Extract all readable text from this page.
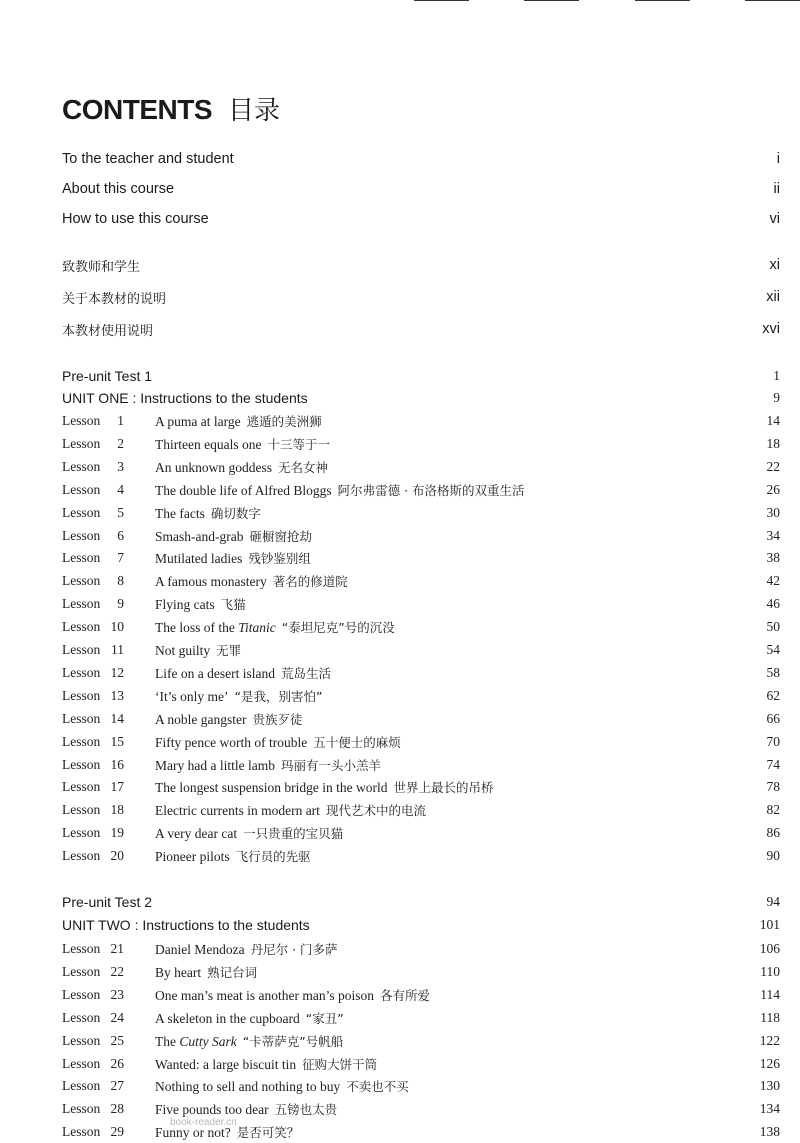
CONTENTS 目录
To the teacher and student	i
About this course	ii
How to use this course	vi
致教师和学生	xi
关于本教材的说明	xii
本教材使用说明	xvi
Pre-unit Test 1	1
UNIT ONE : Instructions to the students	9
Lesson	1 A puma at large 逃遁的美洲狮	14
Lesson	2 Thirteen equals one 十三等于一	18
Lesson	3 An unknown goddess 无名女神	22
Lesson	4 The double life of Alfred Bloggs 阿尔弗雷德 · 布洛格斯的双重生活	26
Lesson	5 The facts 确切数字	30
Lesson	6 Smash-and-grab 砸橱窗抢劫	34
Lesson	7 Mutilated ladies 残钞鉴别组	38
Lesson	8 A famous monastery 著名的修道院	42
Lesson	9 Flying cats 飞猫	46
Lesson 10 The loss of the Titanic “泰坦尼克”号的沉没	50
Lesson 11 Not guilty 无罪	54
Lesson 12 Life on a desert island 荒岛生活	58
Lesson 13 ‘It’s only me’ “是我，别害怕”	62
Lesson 14 A noble gangster 贵族歹徒	66
Lesson 15 Fifty pence worth of trouble 五十便士的麻烦	70
Lesson 16 Mary had a little lamb 玛丽有一头小羔羊	74
Lesson 17 The longest suspension bridge in the world 世界上最长的吊桥	78
Lesson 18 Electric currents in modern art 现代艺术中的电流	82
Lesson 19 A very dear cat 一只贵重的宝贝猫	86
Lesson 20 Pioneer pilots 飞行员的先驱	90
Pre-unit Test 2	94
UNIT TWO : Instructions to the students	101
Lesson 21 Daniel Mendoza 丹尼尔 · 门多萨	106
Lesson 22 By heart 熟记台词	110
Lesson 23 One man’s meat is another man’s poison 各有所爱	114
Lesson 24 A skeleton in the cupboard “家丑”	118
Lesson 25 The Cutty Sark “卡蒂萨克”号帆船	122
Lesson 26 Wanted: a large biscuit tin 征购大饼干筒	126
Lesson 27 Nothing to sell and nothing to buy 不卖也不买	130
Lesson 28 Five pounds too dear 五镑也太贵	134
Lesson 29 Funny or not? 是否可笑？	138
book-reader.cn
